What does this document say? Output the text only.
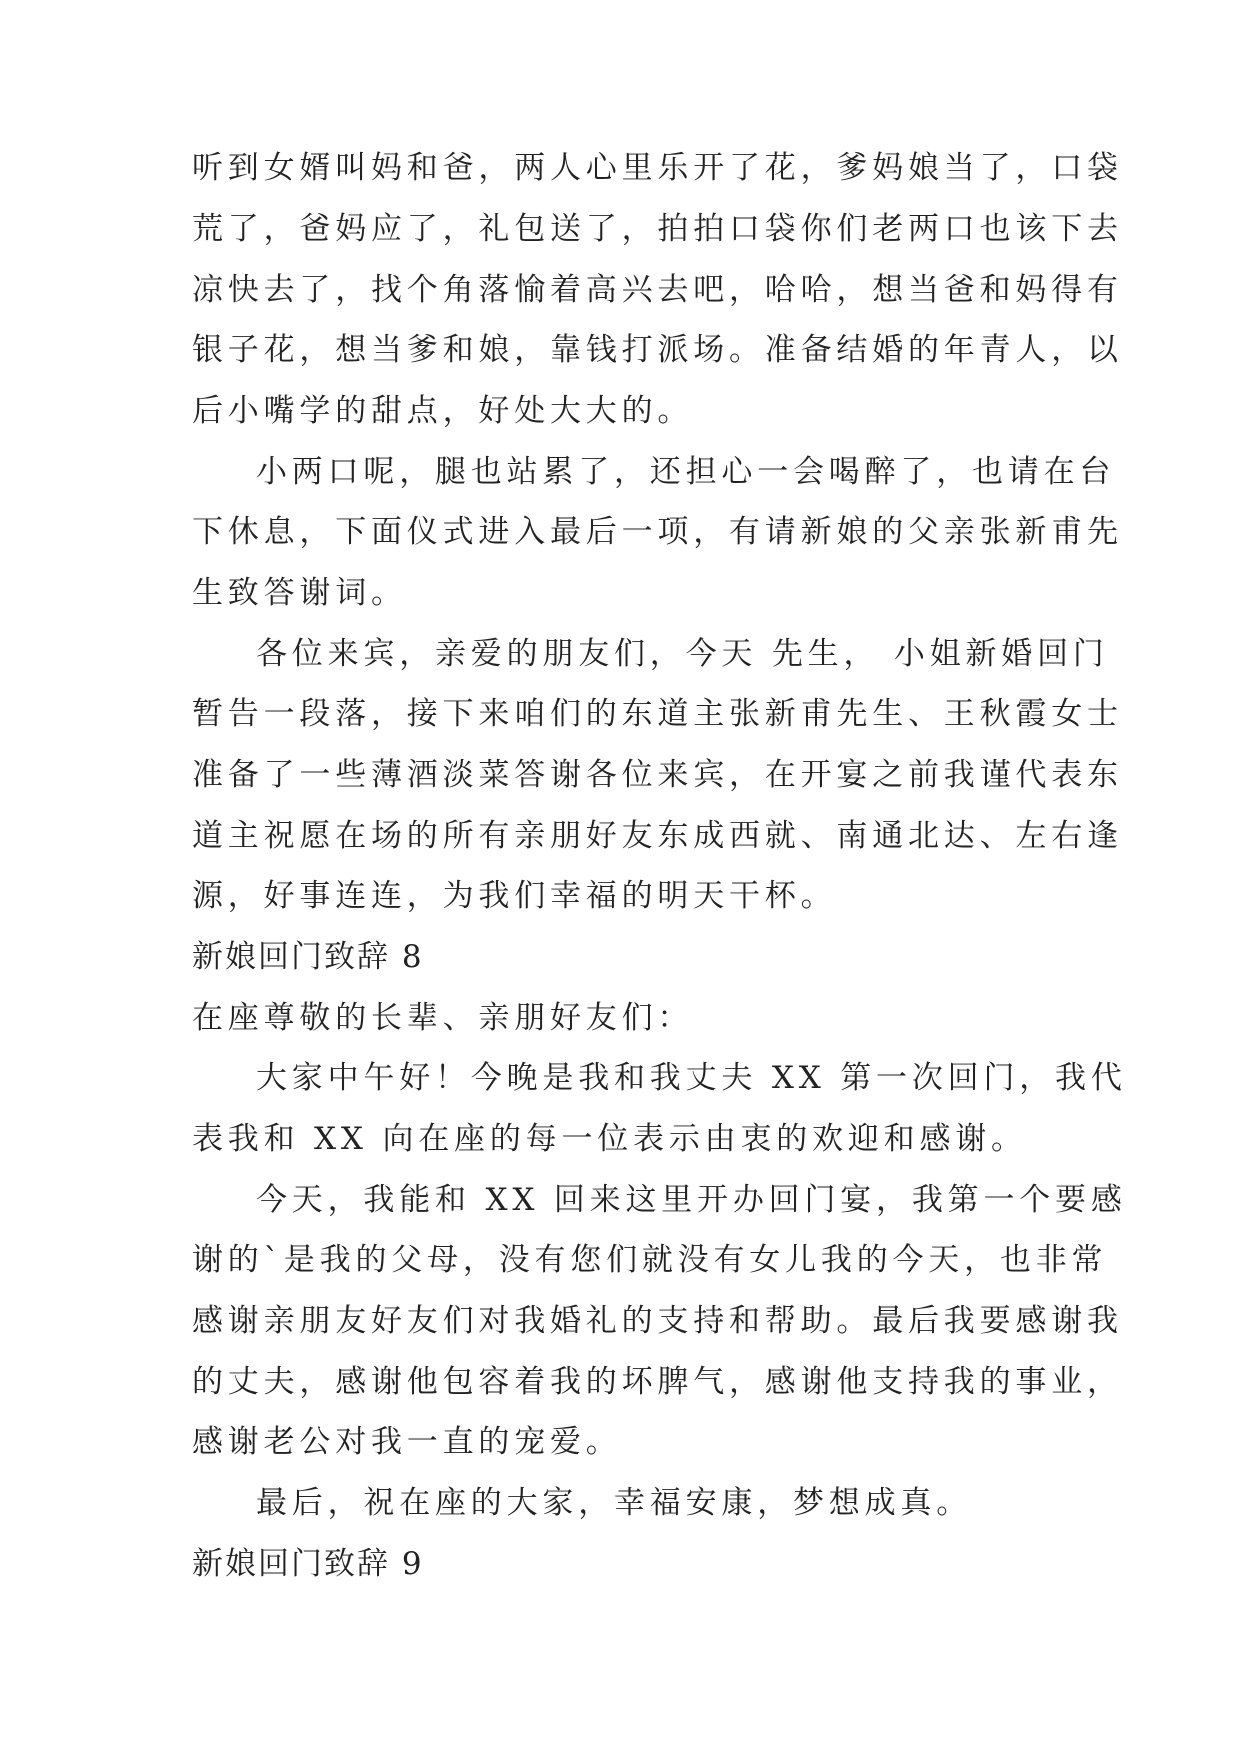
听到女婿叫妈和爸，两人心里乐开了花，爹妈娘当了，口袋
荒了，爸妈应了，礼包送了，拍拍口袋你们老两口也该下去
凉快去了，找个角落愉着高兴去吧，哈哈，想当爸和妈得有
银子花，想当爹和娘，靠钱打派场。准备结婚的年青人，以
后小嘴学的甜点，好处大大的。
小两口呢，腿也站累了，还担心一会喝醉了，也请在台
下休息，下面仪式进入最后一项，有请新娘的父亲张新甫先
生致答谢词。
各位来宾，亲爱的朋友们，今天 先生， 小姐新婚回门
暂告一段落，接下来咱们的东道主张新甫先生、王秋霞女士
准备了一些薄酒淡菜答谢各位来宾，在开宴之前我谨代表东
道主祝愿在场的所有亲朋好友东成西就、南通北达、左右逢
源，好事连连，为我们幸福的明天干杯。
新娘回门致辞 8
在座尊敬的长辈、亲朋好友们：
大家中午好！今晚是我和我丈夫 XX 第一次回门，我代
表我和 XX 向在座的每一位表示由衷的欢迎和感谢。
今天，我能和 XX 回来这里开办回门宴，我第一个要感
谢的`是我的父母，没有您们就没有女儿我的今天，也非常
感谢亲朋友好友们对我婚礼的支持和帮助。最后我要感谢我
的丈夫，感谢他包容着我的坏脾气，感谢他支持我的事业，
感谢老公对我一直的宠爱。
最后，祝在座的大家，幸福安康，梦想成真。
新娘回门致辞 9
